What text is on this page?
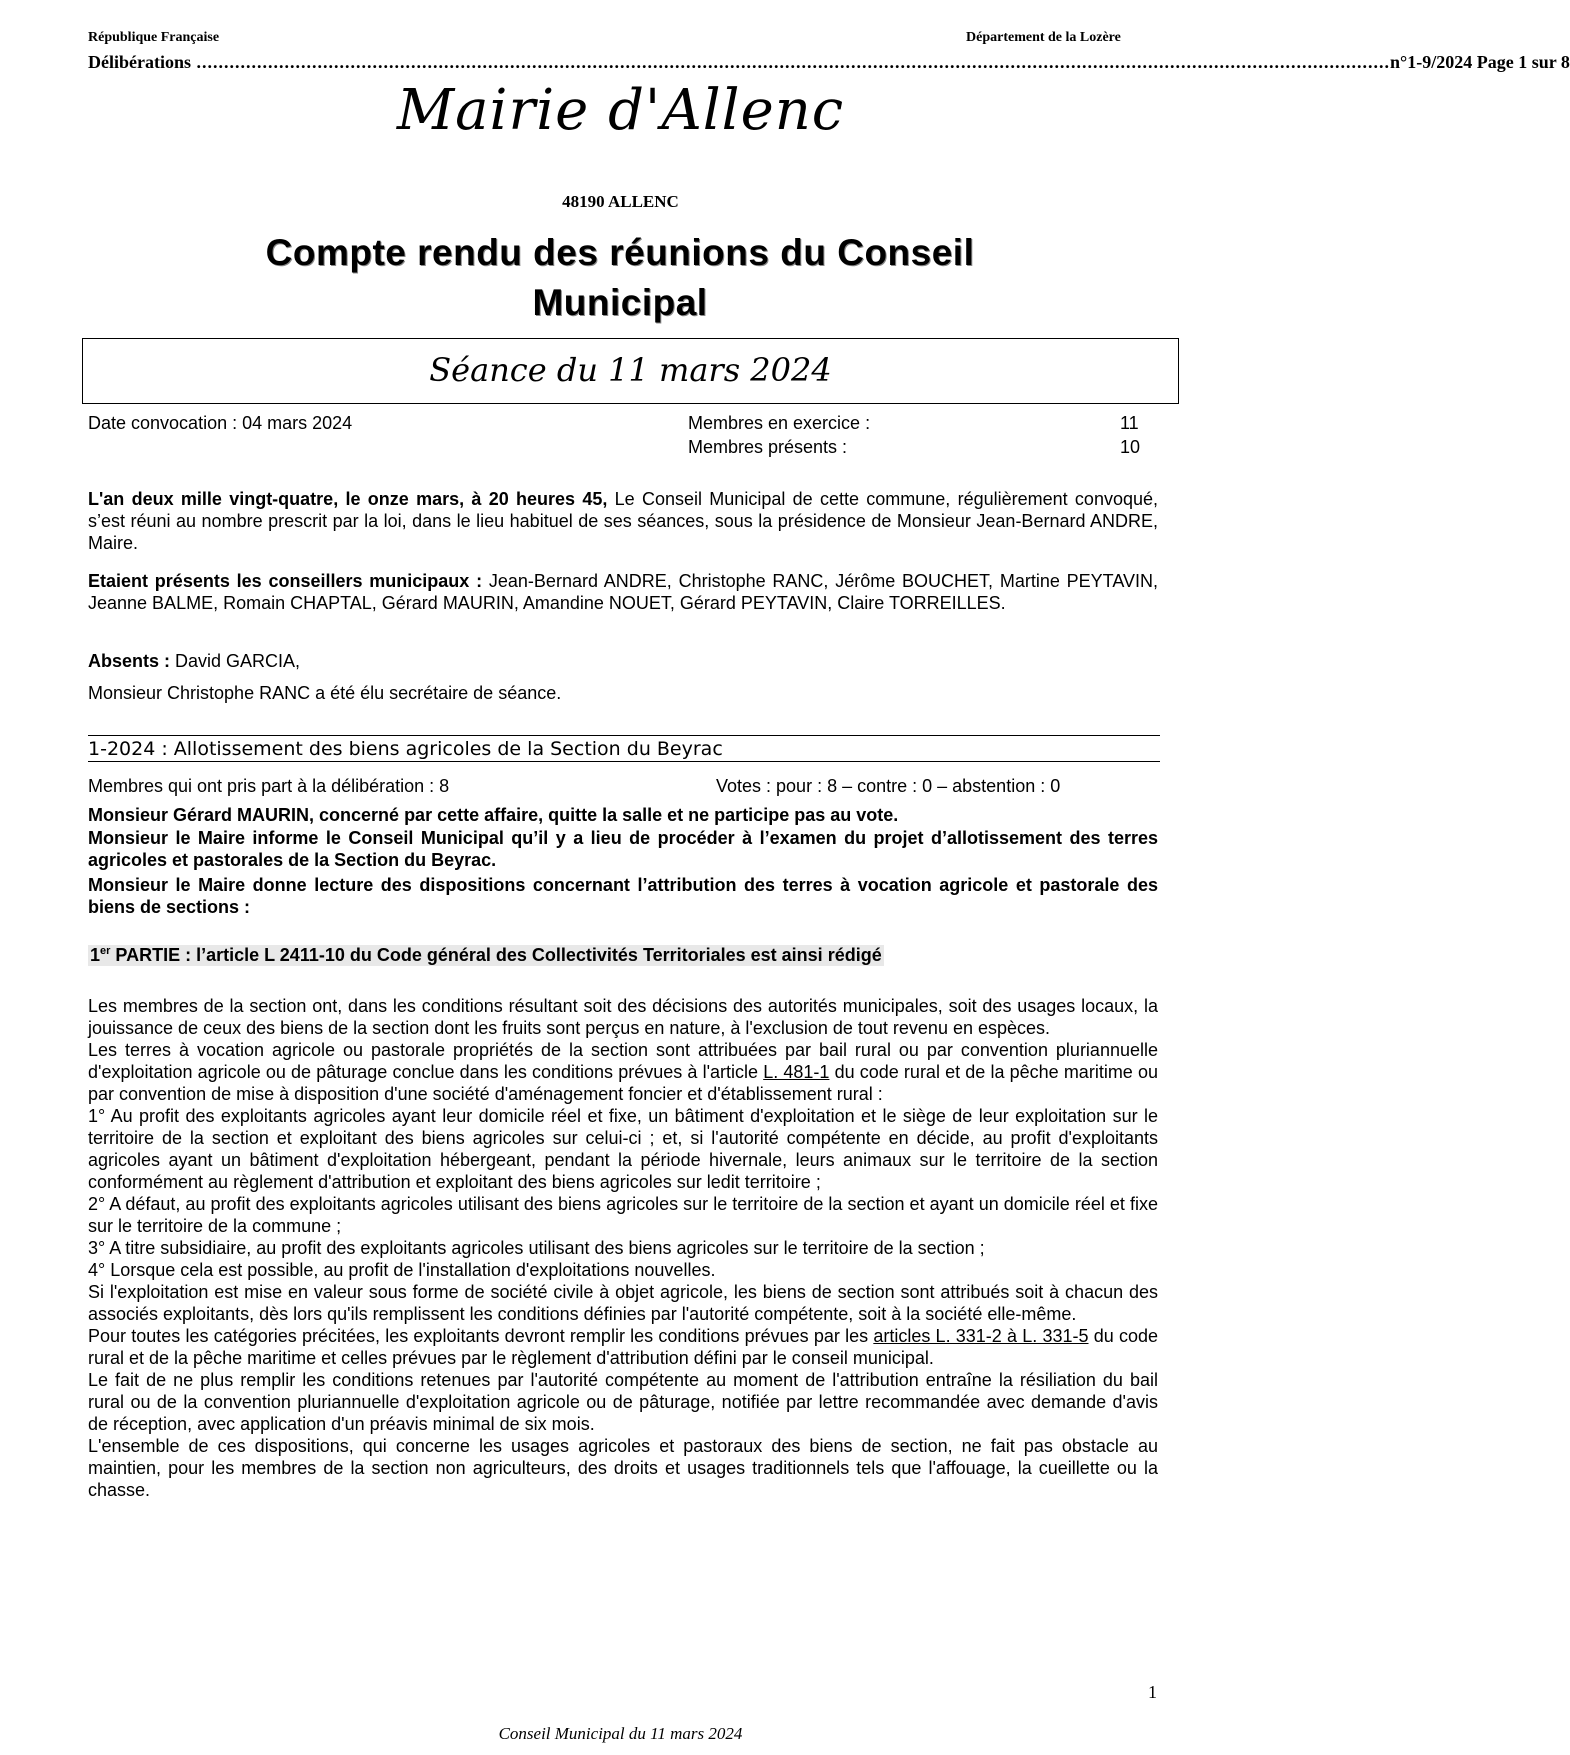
République Française	Département de la Lozère
Délibérations ......................................................................................................................................................................................................................... n°1-9/2024 Page 1 sur 8
Mairie d'Allenc
48190 ALLENC
Compte rendu des réunions du Conseil
Municipal
Séance du 11 mars 2024
Date convocation : 04 mars 2024	Membres en exercice :	11
Membres présents :	10
L'an deux mille vingt-quatre, le onze mars, à 20 heures 45, Le Conseil Municipal de cette commune, régulièrement convoqué, s’est réuni au nombre prescrit par la loi, dans le lieu habituel de ses séances, sous la présidence de Monsieur Jean-Bernard ANDRE, Maire.
Etaient présents les conseillers municipaux : Jean-Bernard ANDRE, Christophe RANC, Jérôme BOUCHET, Martine PEYTAVIN, Jeanne BALME, Romain CHAPTAL, Gérard MAURIN, Amandine NOUET, Gérard PEYTAVIN, Claire TORREILLES.
Absents : David GARCIA,
Monsieur Christophe RANC a été élu secrétaire de séance.
1-2024 : Allotissement des biens agricoles de la Section du Beyrac
Membres qui ont pris part à la délibération : 8	Votes : pour : 8 – contre : 0 – abstention : 0
Monsieur Gérard MAURIN, concerné par cette affaire, quitte la salle et ne participe pas au vote.
Monsieur le Maire informe le Conseil Municipal qu’il y a lieu de procéder à l’examen du projet d’allotissement des terres agricoles et pastorales de la Section du Beyrac.
Monsieur le Maire donne lecture des dispositions concernant l’attribution des terres à vocation agricole et pastorale des biens de sections :
1er PARTIE : l’article L 2411-10 du Code général des Collectivités Territoriales est ainsi rédigé
Les membres de la section ont, dans les conditions résultant soit des décisions des autorités municipales, soit des usages locaux, la jouissance de ceux des biens de la section dont les fruits sont perçus en nature, à l'exclusion de tout revenu en espèces.
Les terres à vocation agricole ou pastorale propriétés de la section sont attribuées par bail rural ou par convention pluriannuelle d'exploitation agricole ou de pâturage conclue dans les conditions prévues à l'article L. 481-1 du code rural et de la pêche maritime ou par convention de mise à disposition d'une société d'aménagement foncier et d'établissement rural :
1° Au profit des exploitants agricoles ayant leur domicile réel et fixe, un bâtiment d'exploitation et le siège de leur exploitation sur le territoire de la section et exploitant des biens agricoles sur celui-ci ; et, si l'autorité compétente en décide, au profit d'exploitants agricoles ayant un bâtiment d'exploitation hébergeant, pendant la période hivernale, leurs animaux sur le territoire de la section conformément au règlement d'attribution et exploitant des biens agricoles sur ledit territoire ;
2° A défaut, au profit des exploitants agricoles utilisant des biens agricoles sur le territoire de la section et ayant un domicile réel et fixe sur le territoire de la commune ;
3° A titre subsidiaire, au profit des exploitants agricoles utilisant des biens agricoles sur le territoire de la section ;
4° Lorsque cela est possible, au profit de l'installation d'exploitations nouvelles.
Si l'exploitation est mise en valeur sous forme de société civile à objet agricole, les biens de section sont attribués soit à chacun des associés exploitants, dès lors qu'ils remplissent les conditions définies par l'autorité compétente, soit à la société elle-même.
Pour toutes les catégories précitées, les exploitants devront remplir les conditions prévues par les articles L. 331-2 à L. 331-5 du code rural et de la pêche maritime et celles prévues par le règlement d'attribution défini par le conseil municipal.
Le fait de ne plus remplir les conditions retenues par l'autorité compétente au moment de l'attribution entraîne la résiliation du bail rural ou de la convention pluriannuelle d'exploitation agricole ou de pâturage, notifiée par lettre recommandée avec demande d'avis de réception, avec application d'un préavis minimal de six mois.
L'ensemble de ces dispositions, qui concerne les usages agricoles et pastoraux des biens de section, ne fait pas obstacle au maintien, pour les membres de la section non agriculteurs, des droits et usages traditionnels tels que l'affouage, la cueillette ou la chasse.
1
Conseil Municipal du 11 mars 2024
